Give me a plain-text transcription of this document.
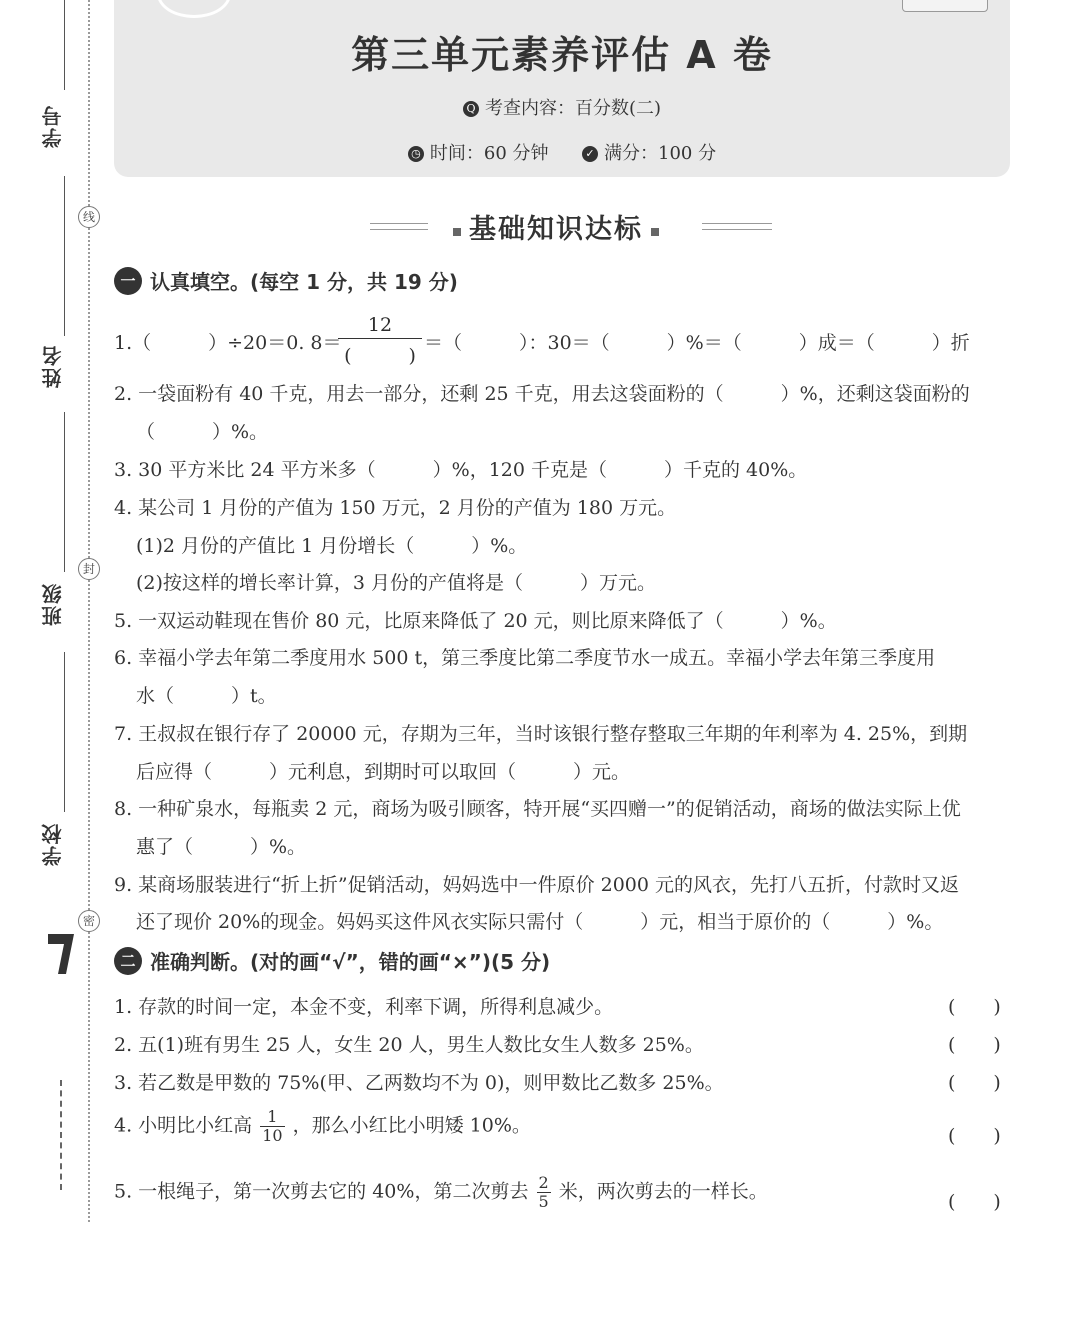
学号
姓名
班级
学校
线
封
密
第三单元素养评估 A 卷
Q 考查内容：百分数(二)
◷ 时间：60 分钟	✓ 满分：100 分
基础知识达标
一 认真填空。(每空 1 分，共 19 分)
1.（　　　）÷20＝0. 8＝
12
(　　　)
＝（　　　）：30＝（　　　）%＝（　　　）成＝（　　　）折
2. 一袋面粉有 40 千克，用去一部分，还剩 25 千克，用去这袋面粉的（　　　）%，还剩这袋面粉的
（　　　）%。
3. 30 平方米比 24 平方米多（　　　）%，120 千克是（　　　）千克的 40%。
4. 某公司 1 月份的产值为 150 万元，2 月份的产值为 180 万元。
(1)2 月份的产值比 1 月份增长（　　　）%。
(2)按这样的增长率计算，3 月份的产值将是（　　　）万元。
5. 一双运动鞋现在售价 80 元，比原来降低了 20 元，则比原来降低了（　　　）%。
6. 幸福小学去年第二季度用水 500 t，第三季度比第二季度节水一成五。幸福小学去年第三季度用
水（　　　）t。
7. 王叔叔在银行存了 20000 元，存期为三年，当时该银行整存整取三年期的年利率为 4. 25%，到期
后应得（　　　）元利息，到期时可以取回（　　　）元。
8. 一种矿泉水，每瓶卖 2 元，商场为吸引顾客，特开展“买四赠一”的促销活动，商场的做法实际上优
惠了（　　　）%。
9. 某商场服装进行“折上折”促销活动，妈妈选中一件原价 2000 元的风衣，先打八五折，付款时又返
还了现价 20%的现金。妈妈买这件风衣实际只需付（　　　）元，相当于原价的（　　　）%。
二 准确判断。(对的画“√”，错的画“×”)(5 分)
1. 存款的时间一定，本金不变，利率下调，所得利息减少。	(　　)
2. 五(1)班有男生 25 人，女生 20 人，男生人数比女生人数多 25%。	(　　)
3. 若乙数是甲数的 75%(甲、乙两数均不为 0)，则甲数比乙数多 25%。	(　　)
4. 小明比小红高 $\frac{1}{10}$ ，那么小红比小明矮 10%。	(　　)
5. 一根绳子，第一次剪去它的 40%，第二次剪去 $\frac{2}{5}$ 米，两次剪去的一样长。	(　　)
